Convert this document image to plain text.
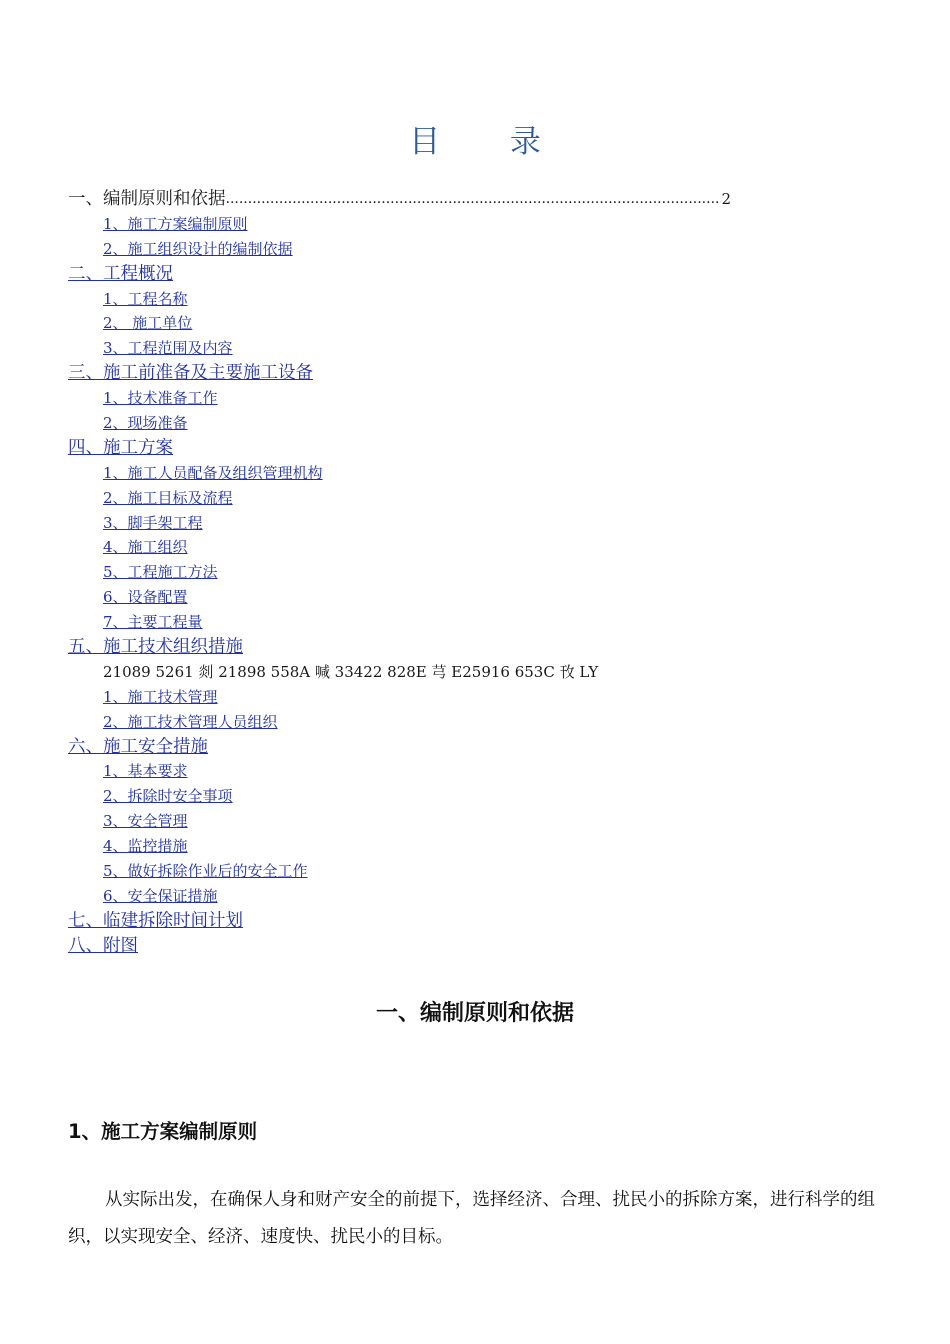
目 录
一、编制原则和依据
.....	2
1、施工方案编制原则
2、施工组织设计的编制依据
二、工程概况
1、工程名称
2、 施工单位
3、工程范围及内容
三、施工前准备及主要施工设备
1、技术准备工作
2、现场准备
四、施工方案
1、施工人员配备及组织管理机构
2、施工目标及流程
3、脚手架工程
4、施工组织
5、工程施工方法
6、设备配置
7、主要工程量
五、施工技术组织措施
21089 5261 剡 21898 558A 喊 33422 828E 芎 E25916 653C 攼 LY
1、施工技术管理
2、施工技术管理人员组织
六、施工安全措施
1、基本要求
2、拆除时安全事项
3、安全管理
4、监控措施
5、做好拆除作业后的安全工作
6、安全保证措施
七、临建拆除时间计划
八、附图
一、编制原则和依据
1、施工方案编制原则
从实际出发，在确保人身和财产安全的前提下，选择经济、合理、扰民小的拆除方案，进行科学的组织，以实现安全、经济、速度快、扰民小的目标。
